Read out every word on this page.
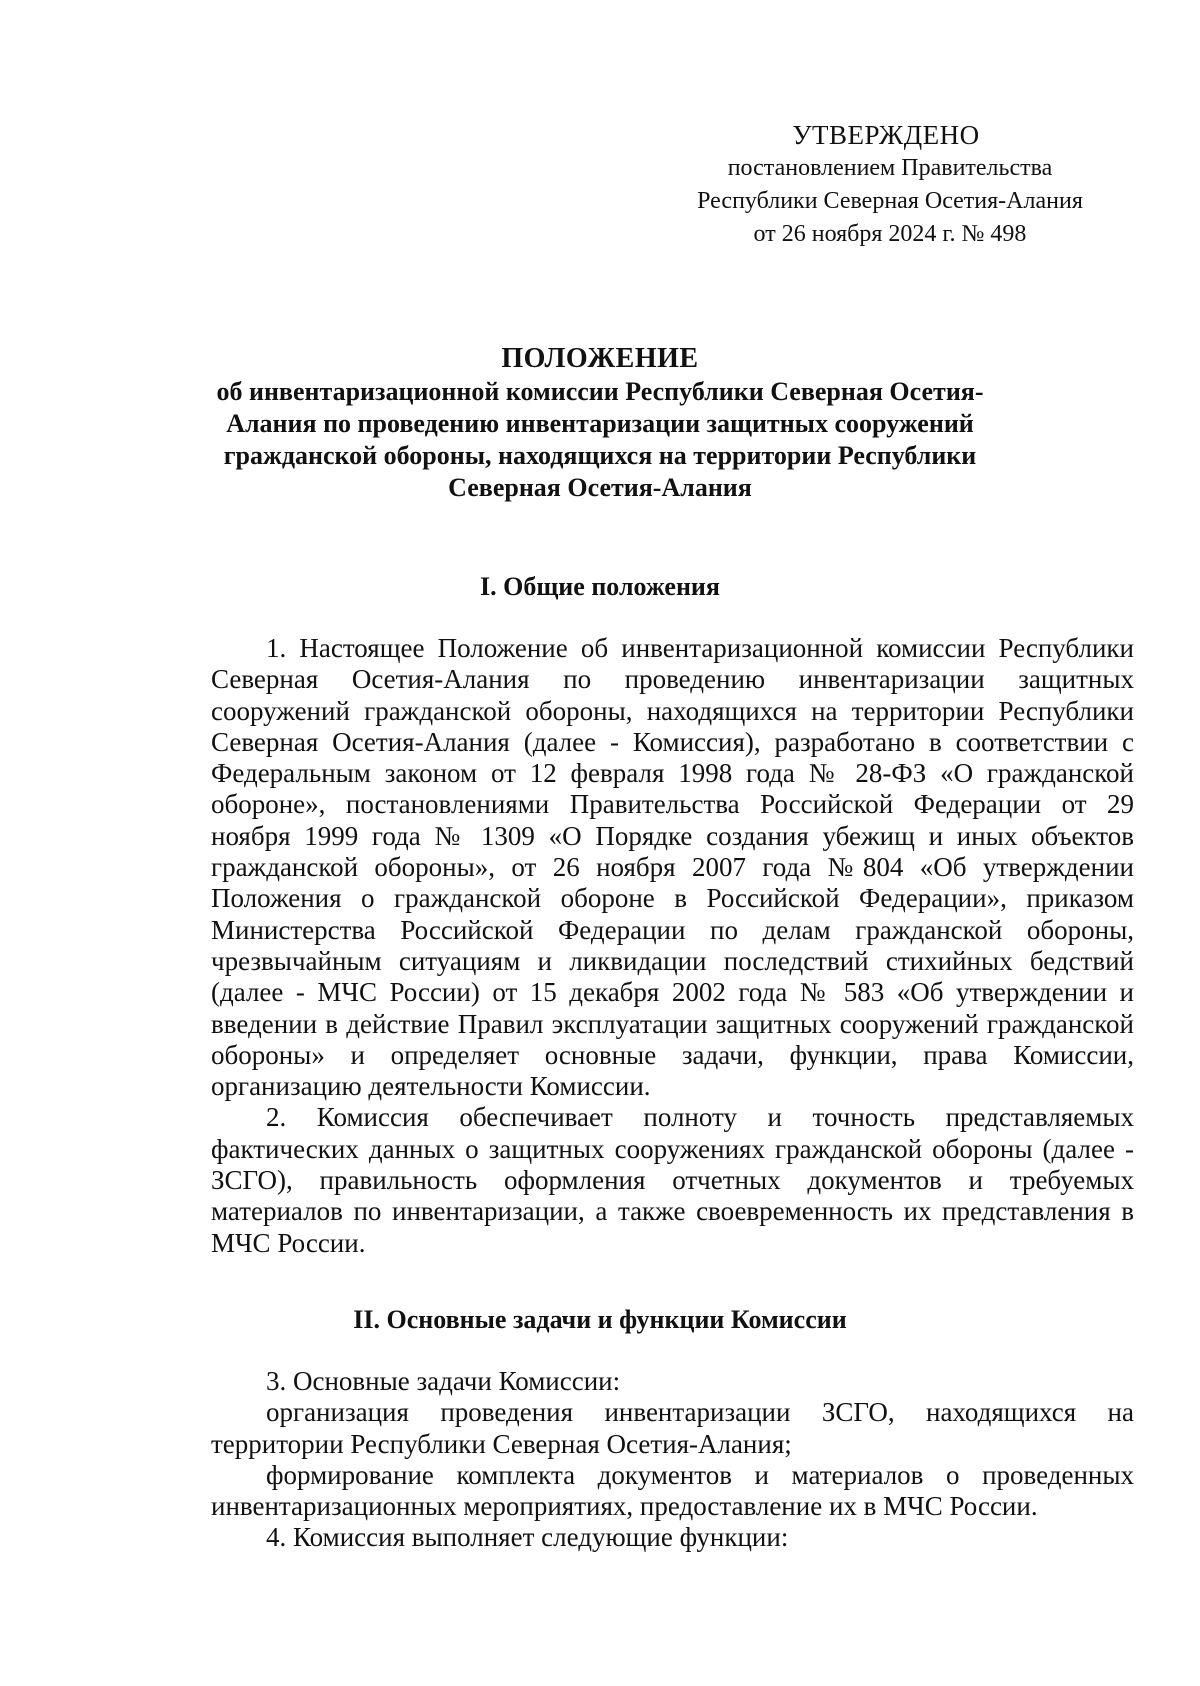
УТВЕРЖДЕНО
постановлением Правительства
Республики Северная Осетия-Алания
от 26 ноября 2024 г. № 498
ПОЛОЖЕНИЕ
об инвентаризационной комиссии Республики Северная Осетия-
Алания по проведению инвентаризации защитных сооружений
гражданской обороны, находящихся на территории Республики
Северная Осетия-Алания
I. Общие положения

1. Настоящее Положение об инвентаризационной комиссии Республики Северная Осетия-Алания по проведению инвентаризации защитных сооружений гражданской обороны, находящихся на территории Республики Северная Осетия-Алания (далее - Комиссия), разработано в соответствии с Федеральным законом от 12 февраля 1998 года № 28-ФЗ «О гражданской обороне», постановлениями Правительства Российской Федерации от 29 ноября 1999 года № 1309 «О Порядке создания убежищ и иных объектов гражданской обороны», от 26 ноября 2007 года №804 «Об утверждении Положения о гражданской обороне в Российской Федерации», приказом Министерства Российской Федерации по делам гражданской обороны, чрезвычайным ситуациям и ликвидации последствий стихийных бедствий (далее - МЧС России) от 15 декабря 2002 года № 583 «Об утверждении и введении в действие Правил эксплуатации защитных сооружений гражданской обороны» и определяет основные задачи, функции, права Комиссии, организацию деятельности Комиссии.

2. Комиссия обеспечивает полноту и точность представляемых фактических данных о защитных сооружениях гражданской обороны (далее - ЗСГО), правильность оформления отчетных документов и требуемых материалов по инвентаризации, а также своевременность их представления в МЧС России.

II. Основные задачи и функции Комиссии

3. Основные задачи Комиссии:

организация проведения инвентаризации ЗСГО, находящихся на территории Республики Северная Осетия-Алания;

формирование комплекта документов и материалов о проведенных инвентаризационных мероприятиях, предоставление их в МЧС России.

4. Комиссия выполняет следующие функции:
